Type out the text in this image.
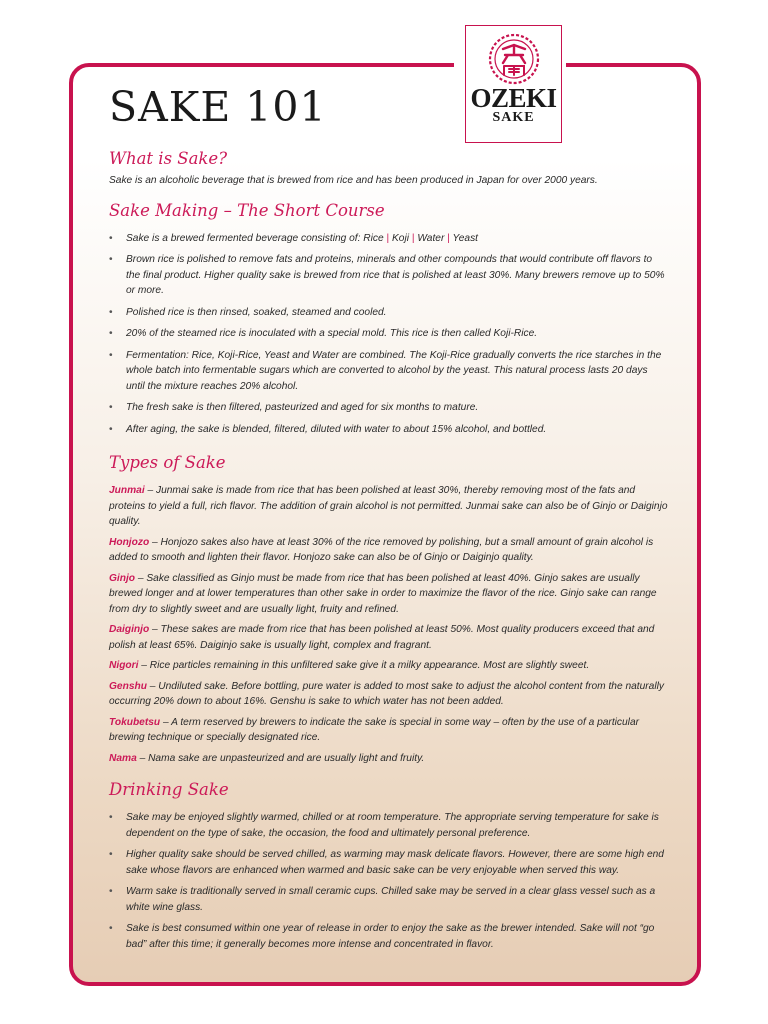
OZEKI
SAKE
SAKE 101
What is Sake?

Sake is an alcoholic beverage that is brewed from rice and has been produced in Japan for over 2000 years.

Sake Making – The Short Course
• Sake is a brewed fermented beverage consisting of: Rice | Koji | Water | Yeast
• Brown rice is polished to remove fats and proteins, minerals and other compounds that would contribute off flavors to the final product. Higher quality sake is brewed from rice that is polished at least 30%. Many brewers remove up to 50% or more.
• Polished rice is then rinsed, soaked, steamed and cooled.
• 20% of the steamed rice is inoculated with a special mold. This rice is then called Koji-Rice.
• Fermentation: Rice, Koji-Rice, Yeast and Water are combined. The Koji-Rice gradually converts the rice starches in the whole batch into fermentable sugars which are converted to alcohol by the yeast. This natural process lasts 20 days until the mixture reaches 20% alcohol.
• The fresh sake is then filtered, pasteurized and aged for six months to mature.
• After aging, the sake is blended, filtered, diluted with water to about 15% alcohol, and bottled.
Types of Sake

Junmai – Junmai sake is made from rice that has been polished at least 30%, thereby removing most of the fats and proteins to yield a full, rich flavor. The addition of grain alcohol is not permitted. Junmai sake can also be of Ginjo or Daiginjo quality.

Honjozo – Honjozo sakes also have at least 30% of the rice removed by polishing, but a small amount of grain alcohol is added to smooth and lighten their flavor. Honjozo sake can also be of Ginjo or Daiginjo quality.

Ginjo – Sake classified as Ginjo must be made from rice that has been polished at least 40%. Ginjo sakes are usually brewed longer and at lower temperatures than other sake in order to maximize the flavor of the rice. Ginjo sake can range from dry to slightly sweet and are usually light, fruity and refined.

Daiginjo – These sakes are made from rice that has been polished at least 50%. Most quality producers exceed that and polish at least 65%. Daiginjo sake is usually light, complex and fragrant.

Nigori – Rice particles remaining in this unfiltered sake give it a milky appearance. Most are slightly sweet.

Genshu – Undiluted sake. Before bottling, pure water is added to most sake to adjust the alcohol content from the naturally occurring 20% down to about 16%. Genshu is sake to which water has not been added.

Tokubetsu – A term reserved by brewers to indicate the sake is special in some way – often by the use of a particular brewing technique or specially designated rice.

Nama – Nama sake are unpasteurized and are usually light and fruity.

Drinking Sake
• Sake may be enjoyed slightly warmed, chilled or at room temperature. The appropriate serving temperature for sake is dependent on the type of sake, the occasion, the food and ultimately personal preference.
• Higher quality sake should be served chilled, as warming may mask delicate flavors. However, there are some high end sake whose flavors are enhanced when warmed and basic sake can be very enjoyable when served this way.
• Warm sake is traditionally served in small ceramic cups. Chilled sake may be served in a clear glass vessel such as a white wine glass.
• Sake is best consumed within one year of release in order to enjoy the sake as the brewer intended. Sake will not “go bad” after this time; it generally becomes more intense and concentrated in flavor.
